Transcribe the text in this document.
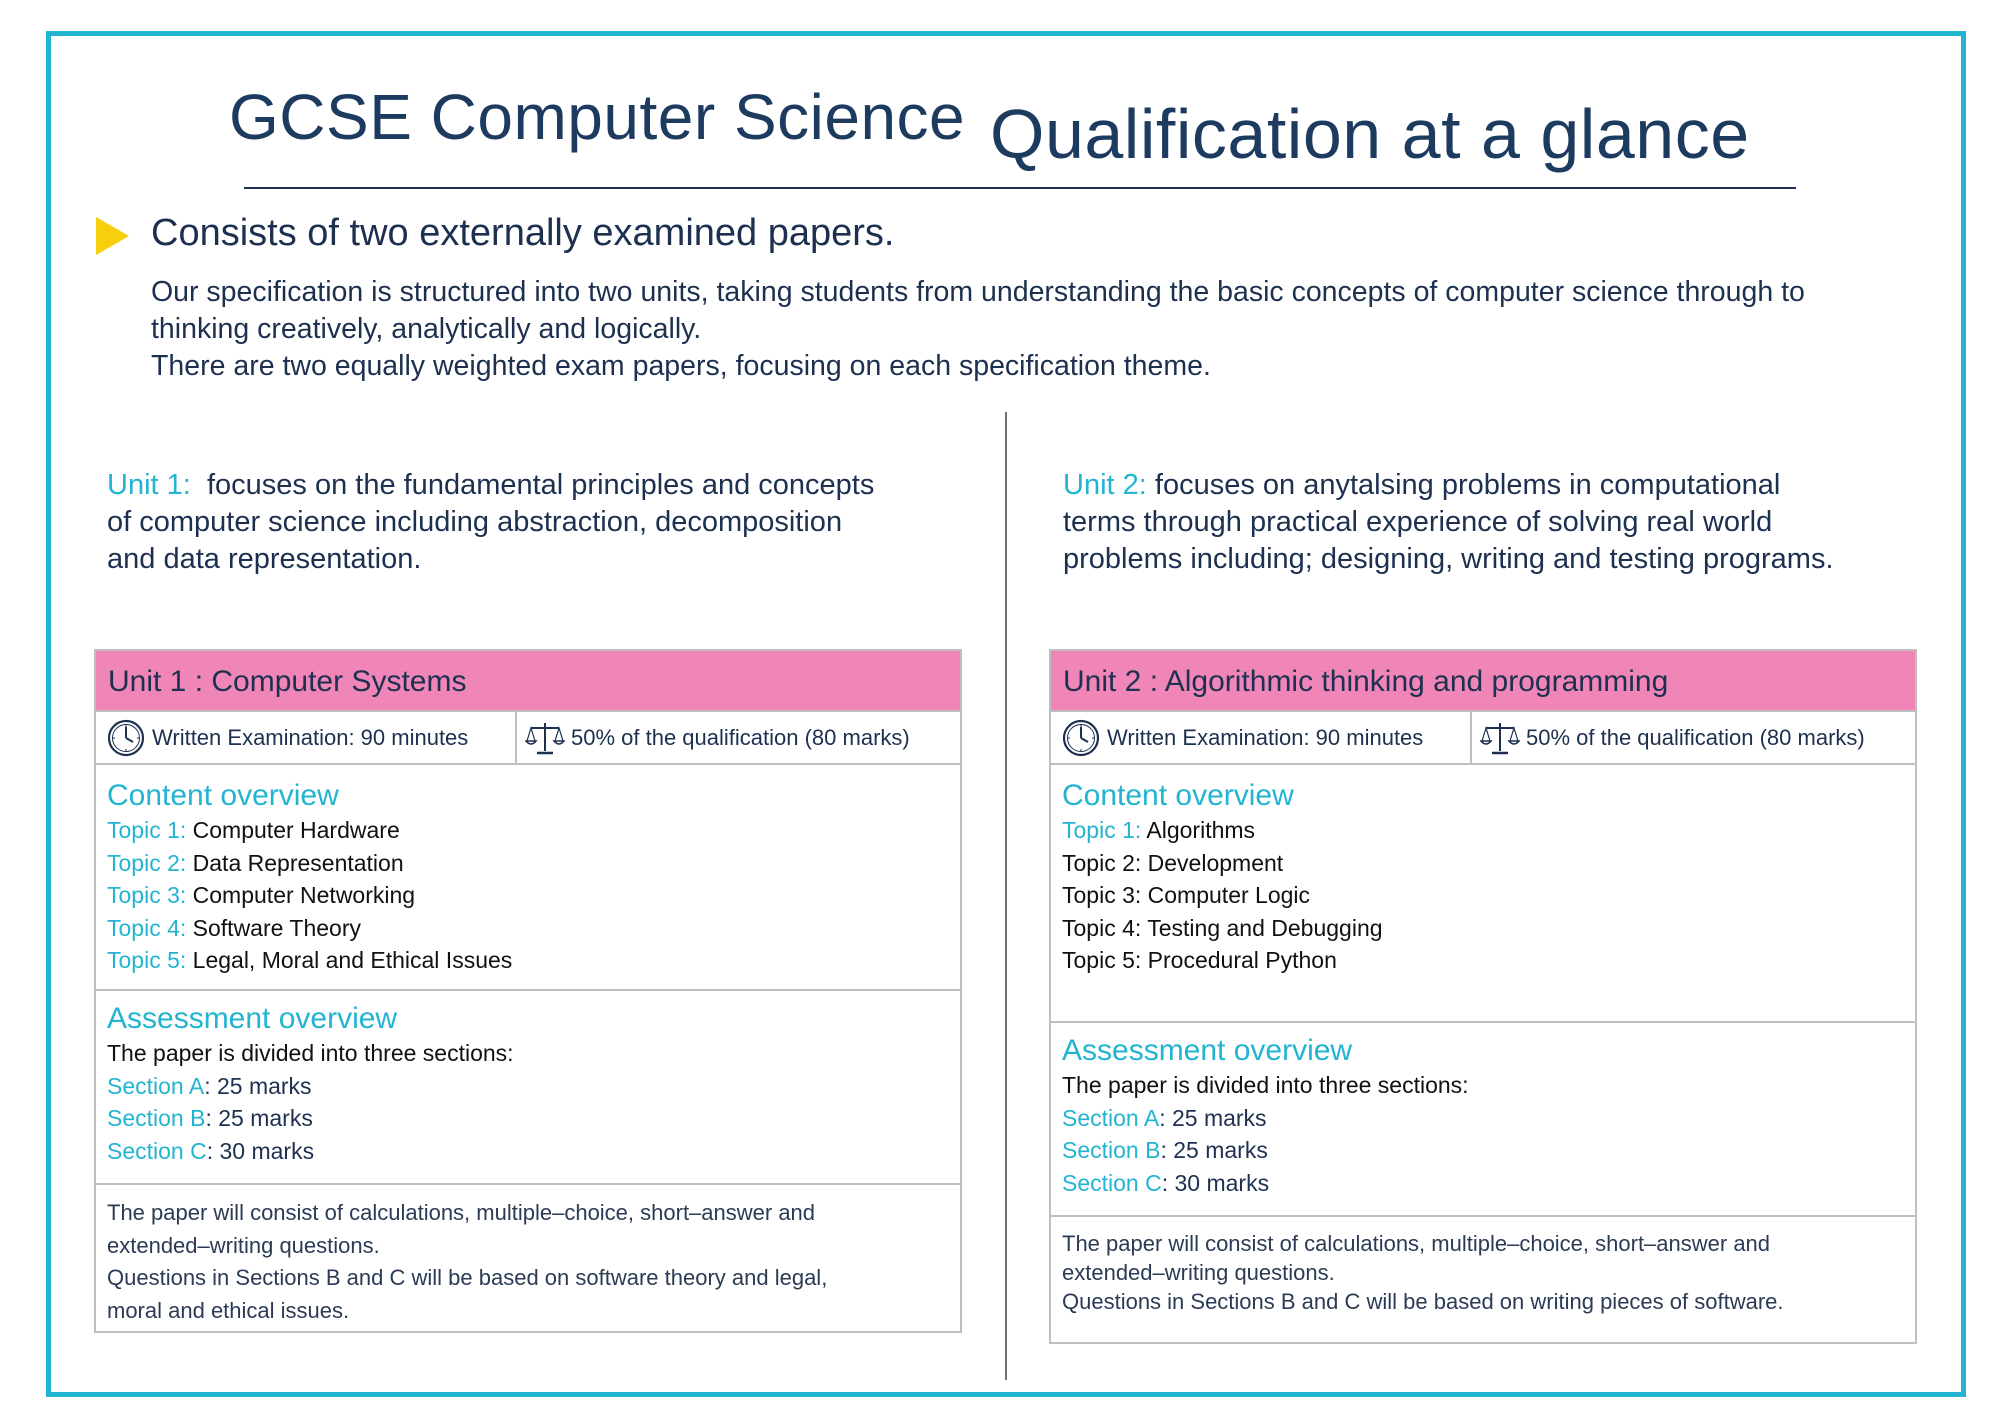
GCSE Computer Science Qualification at a glance
Consists of two externally examined papers.

Our specification is structured into two units, taking students from understanding the basic concepts of computer science through to

thinking creatively, analytically and logically.

There are two equally weighted exam papers, focusing on each specification theme.

Unit 1:  focuses on the fundamental principles and concepts

of computer science including abstraction, decomposition

and data representation.

Unit 1 : Computer Systems
Written Examination: 90 minutes	50% of the qualification (80 marks)
Content overview
Topic 1: Computer Hardware
Topic 2: Data Representation
Topic 3: Computer Networking
Topic 4: Software Theory
Topic 5: Legal, Moral and Ethical Issues
Assessment overview
The paper is divided into three sections:
Section A: 25 marks
Section B: 25 marks
Section C: 30 marks
The paper will consist of calculations, multiple–choice, short–answer and
extended–writing questions.
Questions in Sections B and C will be based on software theory and legal,
moral and ethical issues.

Unit 2: focuses on anytalsing problems in computational

terms through practical experience of solving real world

problems including; designing, writing and testing programs.

Unit 2 : Algorithmic thinking and programming
Written Examination: 90 minutes	50% of the qualification (80 marks)
Content overview
Topic 1: Algorithms
Topic 2: Development
Topic 3: Computer Logic
Topic 4: Testing and Debugging
Topic 5: Procedural Python
Assessment overview
The paper is divided into three sections:
Section A: 25 marks
Section B: 25 marks
Section C: 30 marks
The paper will consist of calculations, multiple–choice, short–answer and
extended–writing questions.
Questions in Sections B and C will be based on writing pieces of software.
